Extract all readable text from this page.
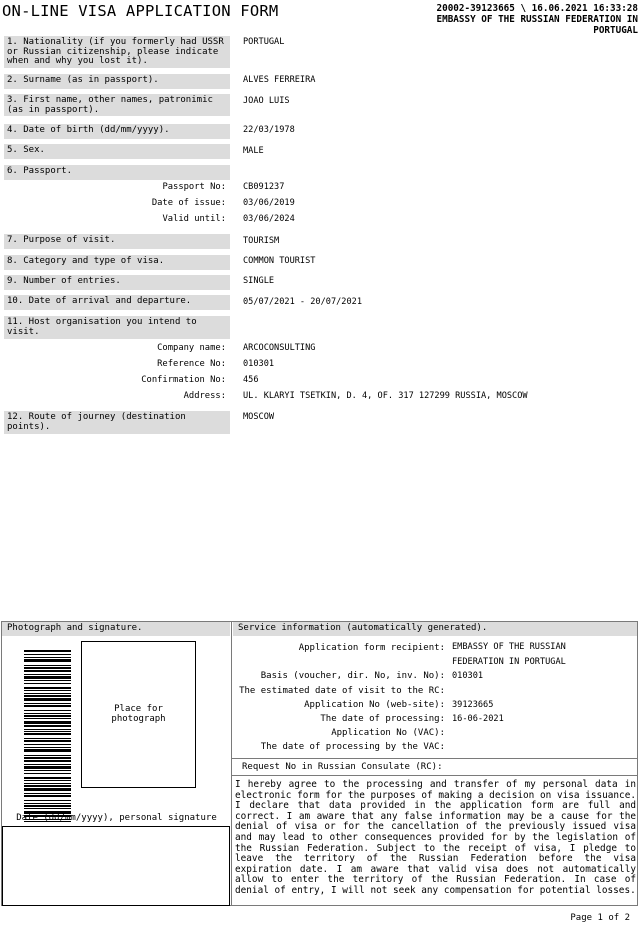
ON-LINE VISA APPLICATION FORM	20002-39123665 \ 16.06.2021 16:33:28
EMBASSY OF THE RUSSIAN FEDERATION IN
PORTUGAL
1. Nationality (if you formerly had USSR or Russian citizenship, please indicate when and why you lost it).
PORTUGAL
2. Surname (as in passport).	ALVES FERREIRA
3. First name, other names, patronimic (as in passport).
JOAO LUIS
4. Date of birth (dd/mm/yyyy).	22/03/1978
5. Sex.	MALE
6. Passport.
Passport No: CB091237
Date of issue: 03/06/2019
Valid until: 03/06/2024
7. Purpose of visit.	TOURISM
8. Category and type of visa.	COMMON TOURIST
9. Number of entries.	SINGLE
10. Date of arrival and departure.	05/07/2021 - 20/07/2021
11. Host organisation you intend to visit.
Company name: ARCOCONSULTING
Reference No: 010301
Confirmation No: 456
Address: UL. KLARYI TSETKIN, D. 4, OF. 317 127299 RUSSIA, MOSCOW
12. Route of journey (destination points).
MOSCOW
Photograph and signature.	Service information (automatically generated).
Place for photograph
Date (dd/mm/yyyy), personal signature
Application form recipient: EMBASSY OF THE RUSSIAN
FEDERATION IN PORTUGAL
Basis (voucher, dir. No, inv. No): 010301
The estimated date of visit to the RC:
Application No (web-site): 39123665
The date of processing: 16-06-2021
Application No (VAC):
The date of processing by the VAC:
Request No in Russian Consulate (RC):
I hereby agree to the processing and transfer of my personal data in electronic form for the purposes of making a decision on visa issuance. I declare that data provided in the application form are full and correct. I am aware that any false information may be a cause for the denial of visa or for the cancellation of the previously issued visa and may lead to other consequences provided for by the legislation of the Russian Federation. Subject to the receipt of visa, I pledge to leave the territory of the Russian Federation before the visa expiration date. I am aware that valid visa does not automatically allow to enter the territory of the Russian Federation. In case of denial of entry, I will not seek any compensation for potential losses.
Page 1 of 2
